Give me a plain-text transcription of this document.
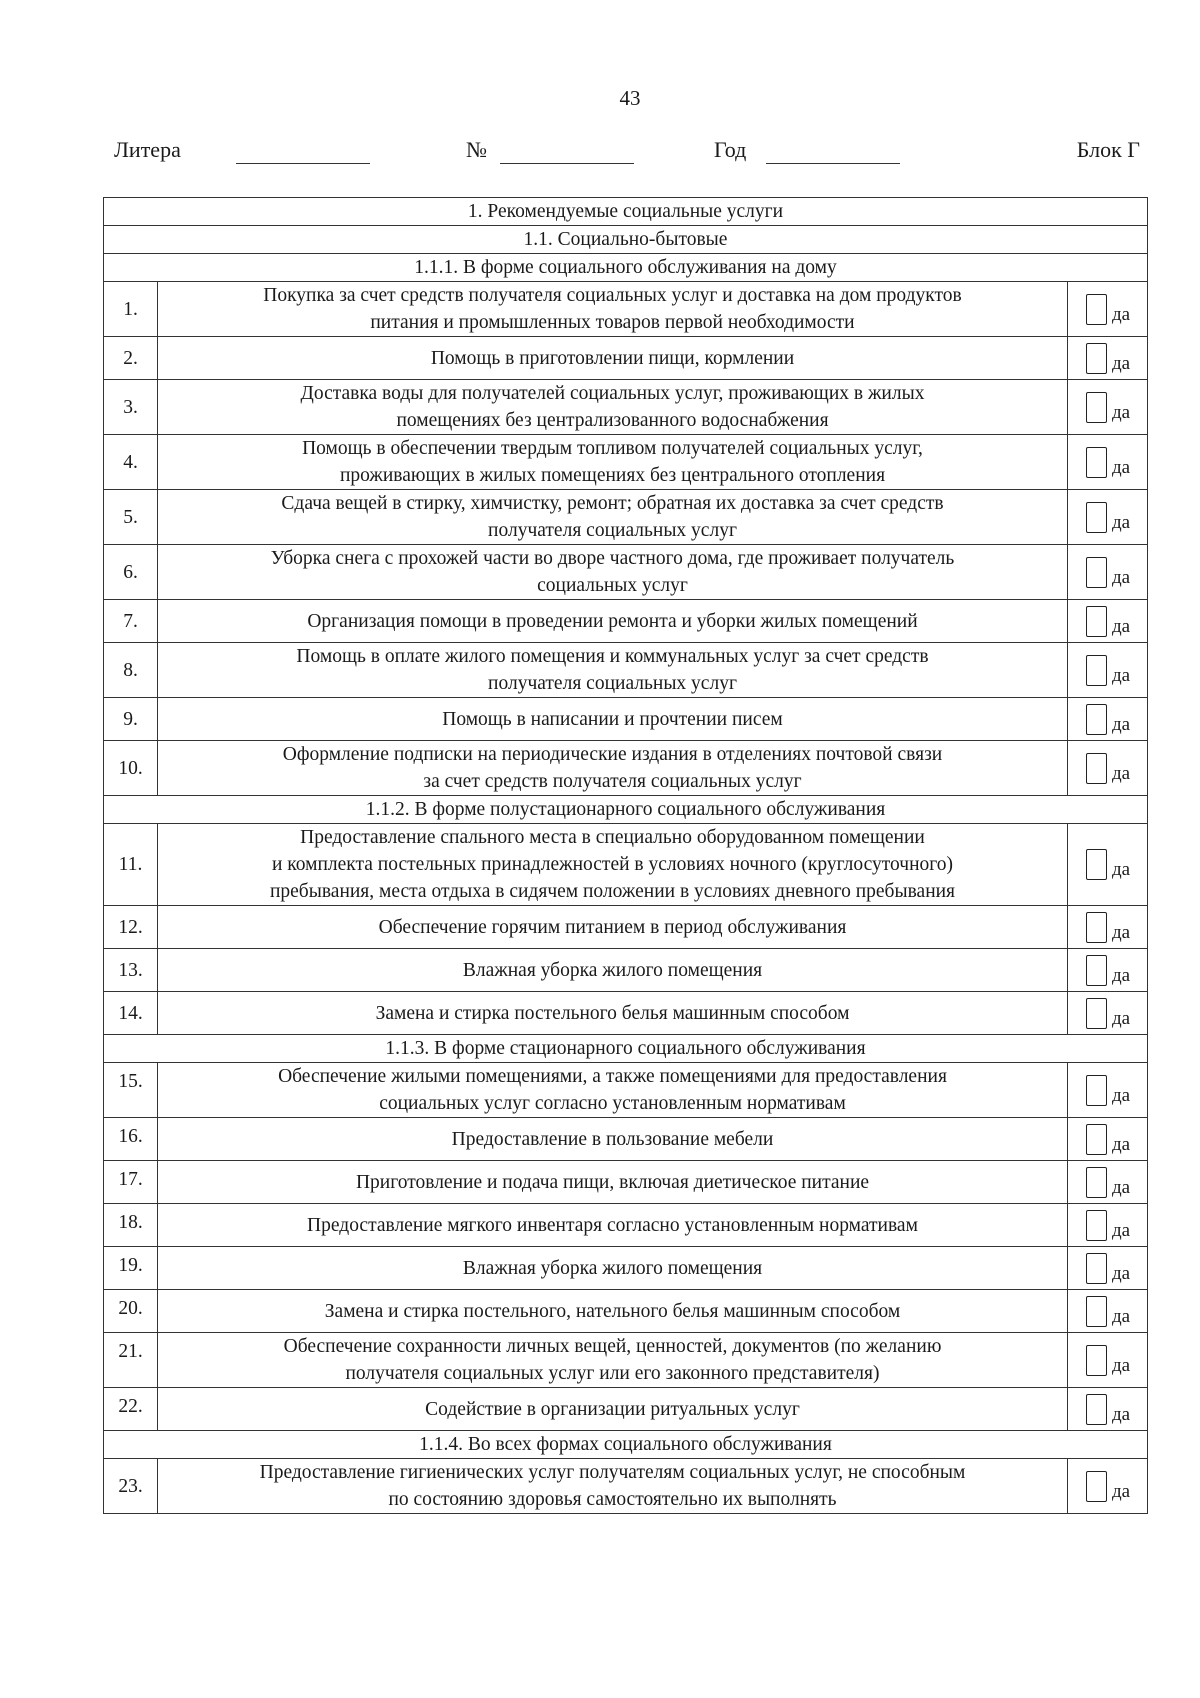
43
Литера	№	Год	Блок Г
1. Рекомендуемые социальные услуги		
1.1. Социально-бытовые		
1.1.1. В форме социального обслуживания на дому		
1.	Покупка за счет средств получателя социальных услуг и доставка на дом продуктов
питания и промышленных товаров первой необходимости	да

2.	Помощь в приготовлении пищи, кормлении	да

3.	Доставка воды для получателей социальных услуг, проживающих в жилых
помещениях без централизованного водоснабжения	да

4.	Помощь в обеспечении твердым топливом получателей социальных услуг,
проживающих в жилых помещениях без центрального отопления	да

5.	Сдача вещей в стирку, химчистку, ремонт; обратная их доставка за счет средств
получателя социальных услуг	да

6.	Уборка снега с прохожей части во дворе частного дома, где проживает получатель
социальных услуг	да

7.	Организация помощи в проведении ремонта и уборки жилых помещений	да

8.	Помощь в оплате жилого помещения и коммунальных услуг за счет средств
получателя социальных услуг	да

9.	Помощь в написании и прочтении писем	да

10.	Оформление подписки на периодические издания в отделениях почтовой связи
за счет средств получателя социальных услуг	да

1.1.2. В форме полустационарного социального обслуживания		
11.	Предоставление спального места в специально оборудованном помещении
и комплекта постельных принадлежностей в условиях ночного (круглосуточного)
пребывания, места отдыха в сидячем положении в условиях дневного пребывания	да

12.	Обеспечение горячим питанием в период обслуживания	да

13.	Влажная уборка жилого помещения	да

14.	Замена и стирка постельного белья машинным способом	да

1.1.3. В форме стационарного социального обслуживания		
15.	Обеспечение жилыми помещениями, а также помещениями для предоставления
социальных услуг согласно установленным нормативам	да

16.	Предоставление в пользование мебели	да

17.	Приготовление и подача пищи, включая диетическое питание	да

18.	Предоставление мягкого инвентаря согласно установленным нормативам	да

19.	Влажная уборка жилого помещения	да

20.	Замена и стирка постельного, нательного белья машинным способом	да

21.	Обеспечение сохранности личных вещей, ценностей, документов (по желанию
получателя социальных услуг или его законного представителя)	да

22.	Содействие в организации ритуальных услуг	да

1.1.4. Во всех формах социального обслуживания		
23.	Предоставление гигиенических услуг получателям социальных услуг, не способным
по состоянию здоровья самостоятельно их выполнять	да
